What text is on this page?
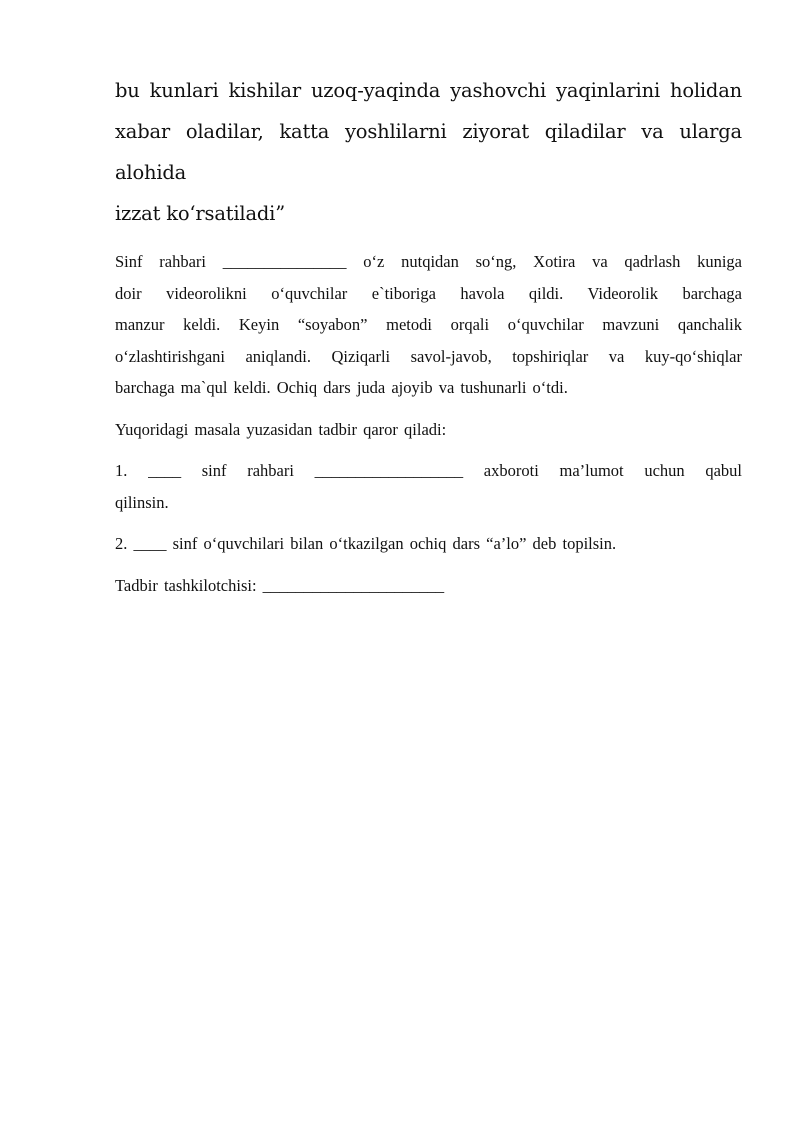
bu kunlari kishilar uzoq-yaqinda yashovchi yaqinlarini holidan
xabar oladilar, katta yoshlilarni ziyorat qiladilar va ularga alohida
izzat ko‘rsatiladi”
Sinf rahbari _______________ o‘z nutqidan so‘ng, Xotira va qadrlash kuniga
doir videorolikni o‘quvchilar e`tiboriga havola qildi. Videorolik barchaga
manzur keldi. Keyin “soyabon” metodi orqali o‘quvchilar mavzuni qanchalik
o‘zlashtirishgani aniqlandi. Qiziqarli savol-javob, topshiriqlar va kuy-qo‘shiqlar
barchaga ma`qul keldi. Ochiq dars juda ajoyib va tushunarli o‘tdi.

Yuqoridagi masala yuzasidan tadbir qaror qiladi:

1. ____ sinf rahbari __________________ axboroti ma’lumot uchun qabul
qilinsin.

2. ____ sinf o‘quvchilari bilan o‘tkazilgan ochiq dars “a’lo” deb topilsin.

Tadbir tashkilotchisi: ______________________
